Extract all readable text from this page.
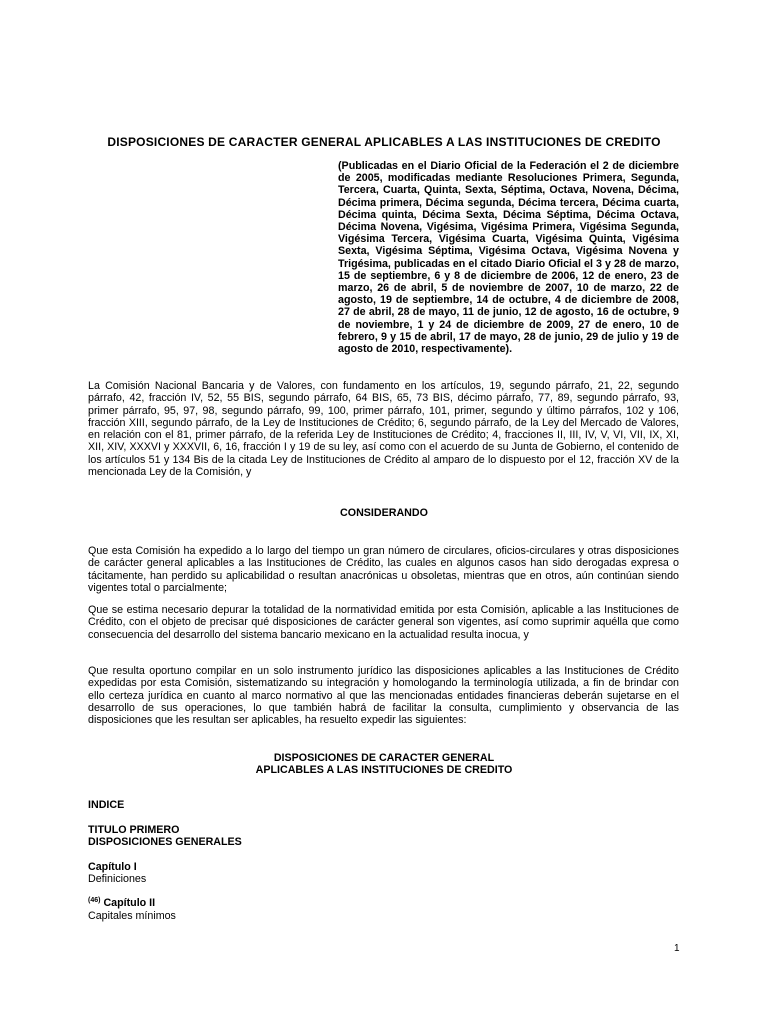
DISPOSICIONES DE CARACTER GENERAL APLICABLES A LAS INSTITUCIONES DE CREDITO

(Publicadas en el Diario Oficial de la Federación el 2 de diciembre de 2005, modificadas mediante Resoluciones Primera, Segunda, Tercera, Cuarta, Quinta, Sexta, Séptima, Octava, Novena, Décima, Décima primera, Décima segunda, Décima tercera, Décima cuarta, Décima quinta, Décima Sexta, Décima Séptima, Décima Octava, Décima Novena, Vigésima, Vigésima Primera, Vigésima Segunda, Vigésima Tercera, Vigésima Cuarta, Vigésima Quinta, Vigésima Sexta, Vigésima Séptima, Vigésima Octava, Vigésima Novena y Trigésima, publicadas en el citado Diario Oficial el 3 y 28 de marzo, 15 de septiembre, 6 y 8 de diciembre de 2006, 12 de enero, 23 de marzo, 26 de abril, 5 de noviembre de 2007, 10 de marzo, 22 de agosto, 19 de septiembre, 14 de octubre, 4 de diciembre de 2008, 27 de abril, 28 de mayo, 11 de junio, 12 de agosto, 16 de octubre, 9 de noviembre, 1 y 24 de diciembre de 2009, 27 de enero, 10 de febrero, 9 y 15 de abril, 17 de mayo, 28 de junio, 29 de julio y 19 de agosto de 2010, respectivamente).

La Comisión Nacional Bancaria y de Valores, con fundamento en los artículos, 19, segundo párrafo, 21, 22, segundo párrafo, 42, fracción IV, 52, 55 BIS, segundo párrafo, 64 BIS, 65, 73 BIS, décimo párrafo, 77, 89, segundo párrafo, 93, primer párrafo, 95, 97, 98, segundo párrafo, 99, 100, primer párrafo, 101, primer, segundo y último párrafos, 102 y 106, fracción XIII, segundo párrafo, de la Ley de Instituciones de Crédito; 6, segundo párrafo, de la Ley del Mercado de Valores, en relación con el 81, primer párrafo, de la referida Ley de Instituciones de Crédito; 4, fracciones II, III, IV, V, VI, VII, IX, XI, XII, XIV, XXXVI y XXXVII, 6, 16, fracción I y 19 de su ley, así como con el acuerdo de su Junta de Gobierno, el contenido de los artículos 51 y 134 Bis de la citada Ley de Instituciones de Crédito al amparo de lo dispuesto por el 12, fracción XV de la mencionada Ley de la Comisión, y

CONSIDERANDO

Que esta Comisión ha expedido a lo largo del tiempo un gran número de circulares, oficios-circulares y otras disposiciones de carácter general aplicables a las Instituciones de Crédito, las cuales en algunos casos han sido derogadas expresa o tácitamente, han perdido su aplicabilidad o resultan anacrónicas u obsoletas, mientras que en otros, aún continúan siendo vigentes total o parcialmente;

Que se estima necesario depurar la totalidad de la normatividad emitida por esta Comisión, aplicable a las Instituciones de Crédito, con el objeto de precisar qué disposiciones de carácter general son vigentes, así como suprimir aquélla que como consecuencia del desarrollo del sistema bancario mexicano en la actualidad resulta inocua, y

Que resulta oportuno compilar en un solo instrumento jurídico las disposiciones aplicables a las Instituciones de Crédito expedidas por esta Comisión, sistematizando su integración y homologando la terminología utilizada, a fin de brindar con ello certeza jurídica en cuanto al marco normativo al que las mencionadas entidades financieras deberán sujetarse en el desarrollo de sus operaciones, lo que también habrá de facilitar la consulta, cumplimiento y observancia de las disposiciones que les resultan ser aplicables, ha resuelto expedir las siguientes:

DISPOSICIONES DE CARACTER GENERAL
APLICABLES A LAS INSTITUCIONES DE CREDITO

INDICE

TITULO PRIMERO

DISPOSICIONES GENERALES

Capítulo I

Definiciones

$^{(46)}$ Capítulo II

Capitales mínimos

1
